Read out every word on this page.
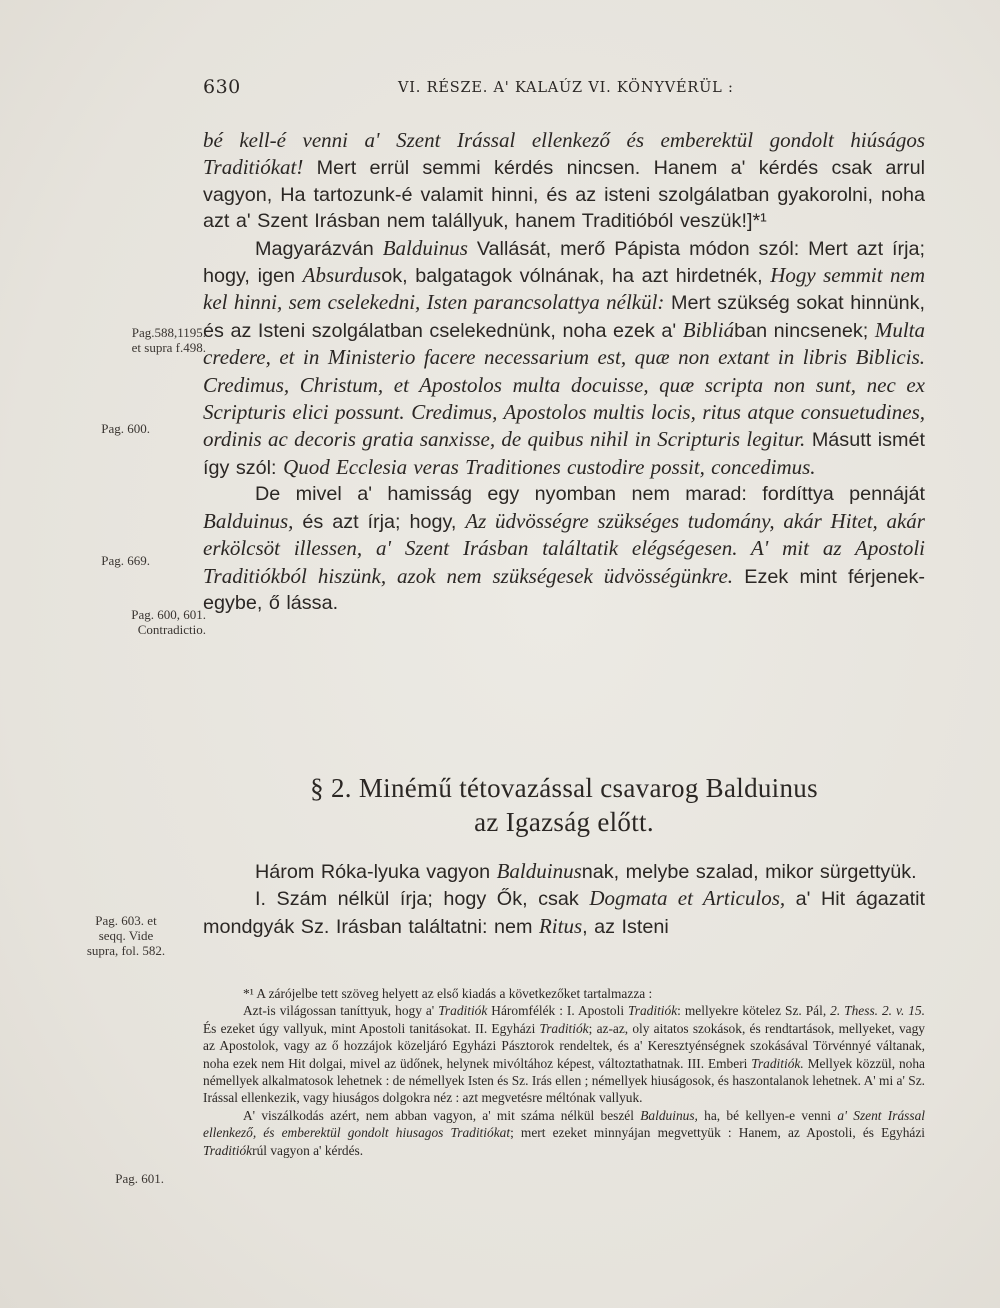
630	VI. RÉSZE. A' KALAÚZ VI. KÖNYVÉRÜL :

bé kell-é venni a' Szent Irással ellenkező és emberektül gondolt hiúságos Traditiókat! Mert errül semmi kérdés nincsen. Hanem a' kérdés csak arrul vagyon, Ha tartozunk-é valamit hinni, és az isteni szolgálatban gyakorolni, noha azt a' Szent Irásban nem talállyuk, hanem Traditióból veszük!]*¹

Magyarázván Balduinus Vallását, merő Pápista módon szól: Mert azt írja; hogy, igen Absurdusok, balgatagok vólnának, ha azt hirdetnék, Hogy semmit nem kel hinni, sem cselekedni, Isten parancsolattya nélkül: Mert szükség sokat hinnünk, és az Isteni szolgálatban cselekednünk, noha ezek a' Bibliában nincsenek; Multa credere, et in Ministerio facere necessarium est, quæ non extant in libris Biblicis. Credimus, Christum, et Apostolos multa docuisse, quæ scripta non sunt, nec ex Scripturis elici possunt. Credimus, Apostolos multis locis, ritus atque consuetudines, ordinis ac decoris gratia sanxisse, de quibus nihil in Scripturis legitur. Másutt ismét így szól: Quod Ecclesia veras Traditiones custodire possit, concedimus.

De mivel a' hamisság egy nyomban nem marad: fordíttya pennáját Balduinus, és azt írja; hogy, Az üdvösségre szükséges tudomány, akár Hitet, akár erkölcsöt illessen, a' Szent Irásban találtatik elégségesen. A' mit az Apostoli Traditiókból hiszünk, azok nem szükségesek üdvösségünkre. Ezek mint férjenek-egybe, ő lássa.

§ 2. Minémű tétovazással csavarog Balduinus
az Igazság előtt.

Három Róka-lyuka vagyon Balduinusnak, melybe szalad, mikor sürgettyük.

I. Szám nélkül írja; hogy Ők, csak Dogmata et Articulos, a' Hit ágazatit mondgyák Sz. Irásban találtatni: nem Ritus, az Isteni

*¹ A zárójelbe tett szöveg helyett az első kiadás a következőket tartalmazza :

Azt-is világossan taníttyuk, hogy a' Traditiók Háromfélék : I. Apostoli Traditiók: mellyekre kötelez Sz. Pál, 2. Thess. 2. v. 15. És ezeket úgy vallyuk, mint Apostoli tanitásokat. II. Egyházi Traditiók; az-az, oly aitatos szokások, és rendtartások, mellyeket, vagy az Apostolok, vagy az ő hozzájok közeljáró Egyházi Pásztorok rendeltek, és a' Keresztyénségnek szokásával Törvénnyé váltanak, noha ezek nem Hit dolgai, mivel az üdőnek, helynek mivóltához képest, változtathatnak. III. Emberi Traditiók. Mellyek közzül, noha némellyek alkalmatosok lehetnek : de némellyek Isten és Sz. Irás ellen ; némellyek hiuságosok, és haszontalanok lehetnek. A' mi a' Sz. Irással ellenkezik, vagy hiuságos dolgokra néz : azt megvetésre méltónak vallyuk.

A' viszálkodás azért, nem abban vagyon, a' mit száma nélkül beszél Balduinus, ha, bé kellyen-e venni a' Szent Irással ellenkező, és emberektül gondolt hiusagos Traditiókat; mert ezeket minnyájan megvettyük : Hanem, az Apostoli, és Egyházi Traditiókrúl vagyon a' kérdés.

Pag.588,1195.
et supra f.498.
Pag. 600.
Pag. 669.
Pag. 600, 601.
Contradictio.
Pag. 603. et
seqq. Vide
supra, fol. 582.
Pag. 601.
